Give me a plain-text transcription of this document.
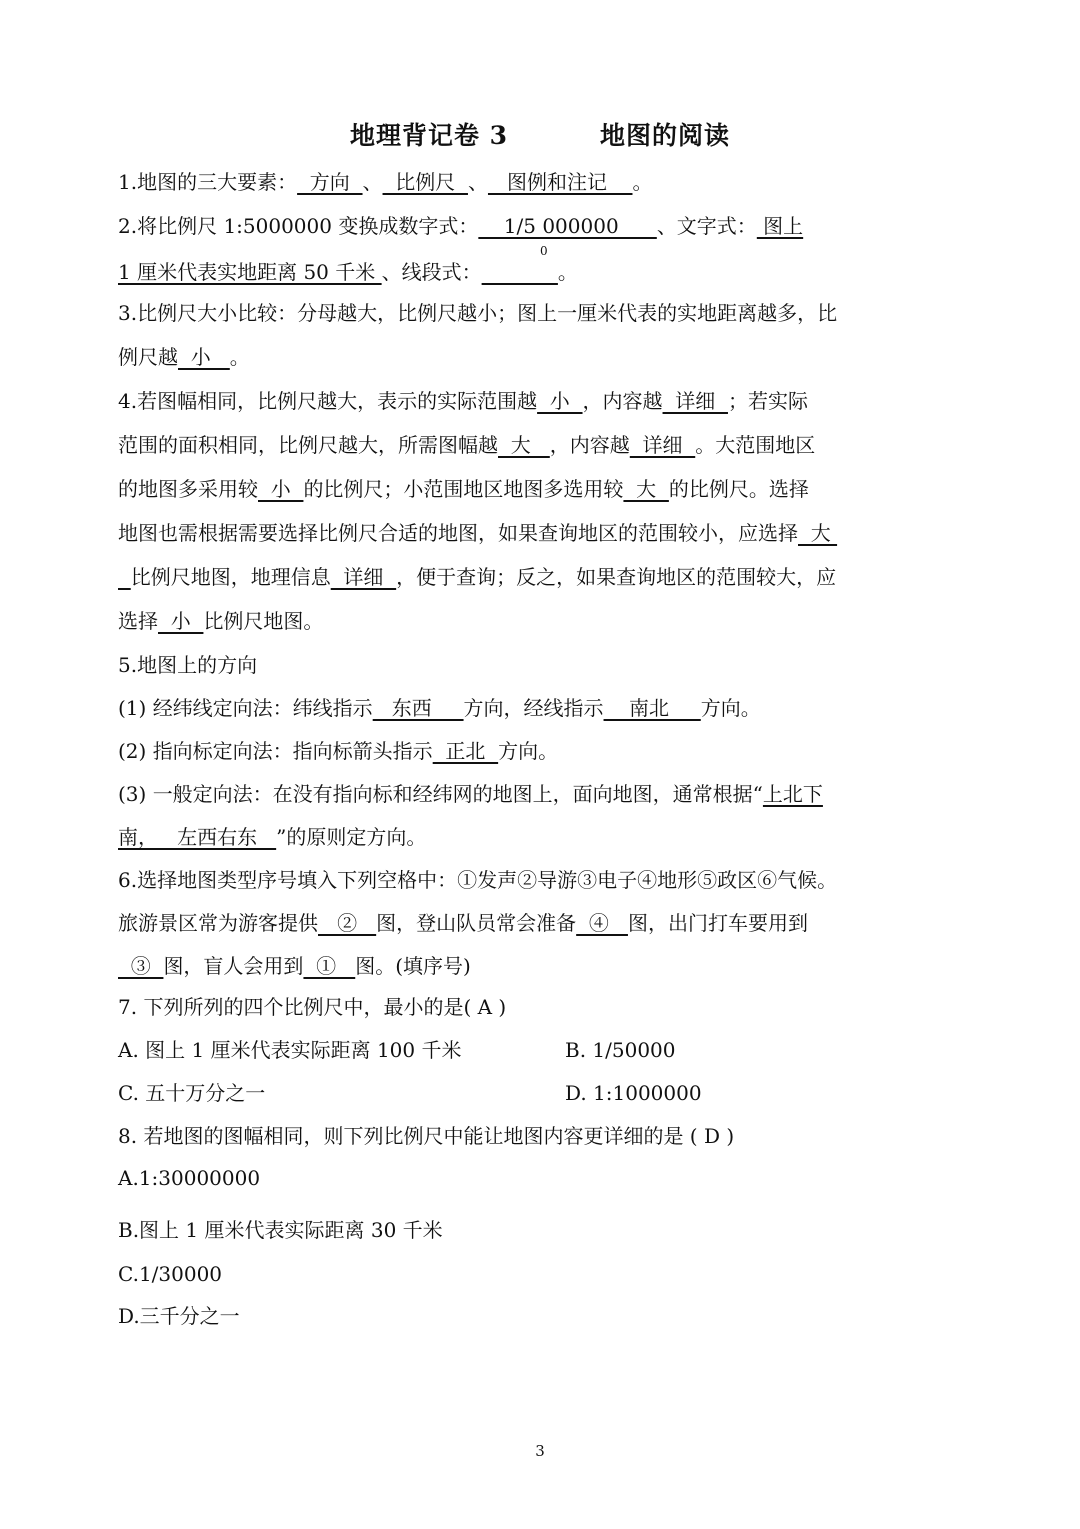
地理背记卷 3	地图的阅读
1.地图的三大要素：  方向  、  比例尺  、   图例和注记    。
2.将比例尺 1:5000000 变换成数字式：    1/5 000000      、文字式： 图上
0
1 厘米代表实地距离 50 千米 、线段式：	。
3.比例尺大小比较：分母越大，比例尺越小；图上一厘米代表的实地距离越多，比
例尺越  小   。
4.若图幅相同，比例尺越大，表示的实际范围越  小  ，内容越  详细  ；若实际
范围的面积相同，比例尺越大，所需图幅越  大   ，内容越  详细  。大范围地区
的地图多采用较  小  的比例尺；小范围地区地图多选用较  大  的比例尺。选择
地图也需根据需要选择比例尺合适的地图，如果查询地区的范围较小，应选择  大
比例尺地图，地理信息  详细  ，便于查询；反之，如果查询地区的范围较大，应
选择  小  比例尺地图。
5.地图上的方向
(1) 经纬线定向法：纬线指示   东西     方向，经线指示    南北     方向。
(2) 指向标定向法：指向标箭头指示  正北  方向。
(3) 一般定向法：在没有指向标和经纬网的地图上，面向地图，通常根据“上北下
南，   左西右东   ”的原则定方向。
6.选择地图类型序号填入下列空格中：①发声②导游③电子④地形⑤政区⑥气候。
旅游景区常为游客提供   ②   图，登山队员常会准备  ④   图，出门打车要用到
③  图，盲人会用到  ①   图。(填序号)
7. 下列所列的四个比例尺中，最小的是( A )
A. 图上 1 厘米代表实际距离 100 千米	B. 1/50000
C. 五十万分之一	D. 1:1000000
8. 若地图的图幅相同，则下列比例尺中能让地图内容更详细的是 ( D )
A.1:30000000
B.图上 1 厘米代表实际距离 30 千米
C.1/30000
D.三千分之一
3
